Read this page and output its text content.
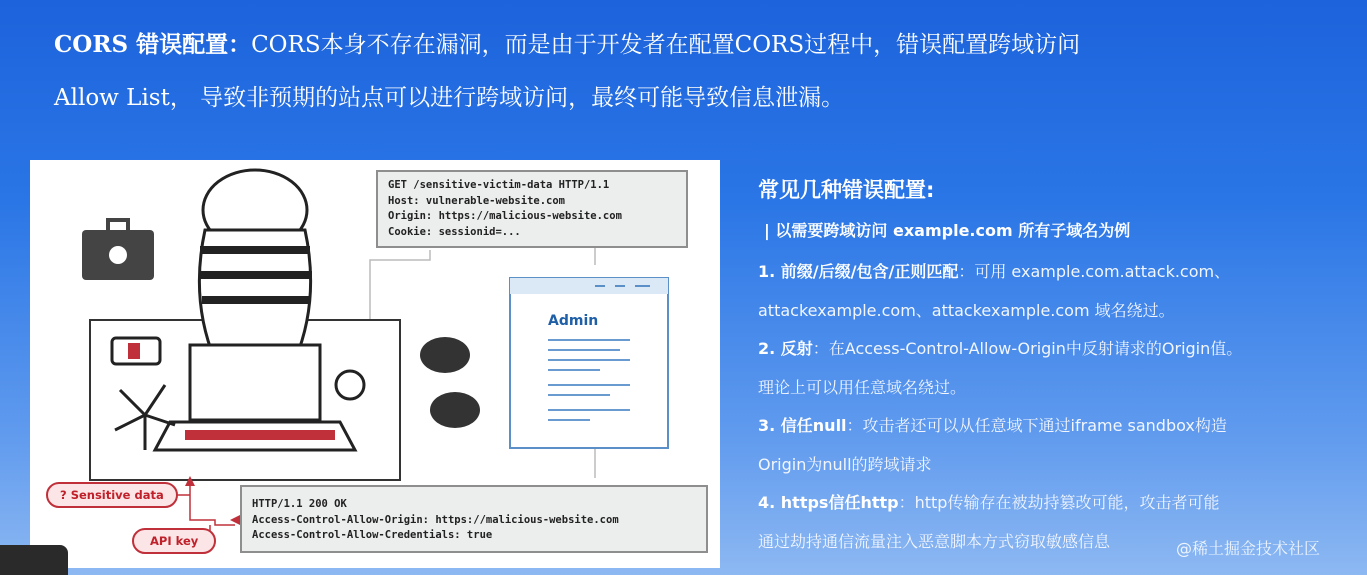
CORS 错误配置：CORS本身不存在漏洞，而是由于开发者在配置CORS过程中，错误配置跨域访问
Allow List， 导致非预期的站点可以进行跨域访问，最终可能导致信息泄漏。
Admin
GET /sensitive-victim-data HTTP/1.1
Host: vulnerable-website.com
Origin: https://malicious-website.com
Cookie: sessionid=...
HTTP/1.1 200 OK
Access-Control-Allow-Origin: https://malicious-website.com
Access-Control-Allow-Credentials: true
? Sensitive data
API key
常见几种错误配置:
| 以需要跨域访问 example.com 所有子域名为例
1. 前缀/后缀/包含/正则匹配：可用 example.com.attack.com、
attackexample.com、attackexample.com 域名绕过。
2. 反射：在Access-Control-Allow-Origin中反射请求的Origin值。
理论上可以用任意域名绕过。
3. 信任null：攻击者还可以从任意域下通过iframe sandbox构造
Origin为null的跨域请求
4. https信任http：http传输存在被劫持篡改可能，攻击者可能
通过劫持通信流量注入恶意脚本方式窃取敏感信息	@稀土掘金技术社区
